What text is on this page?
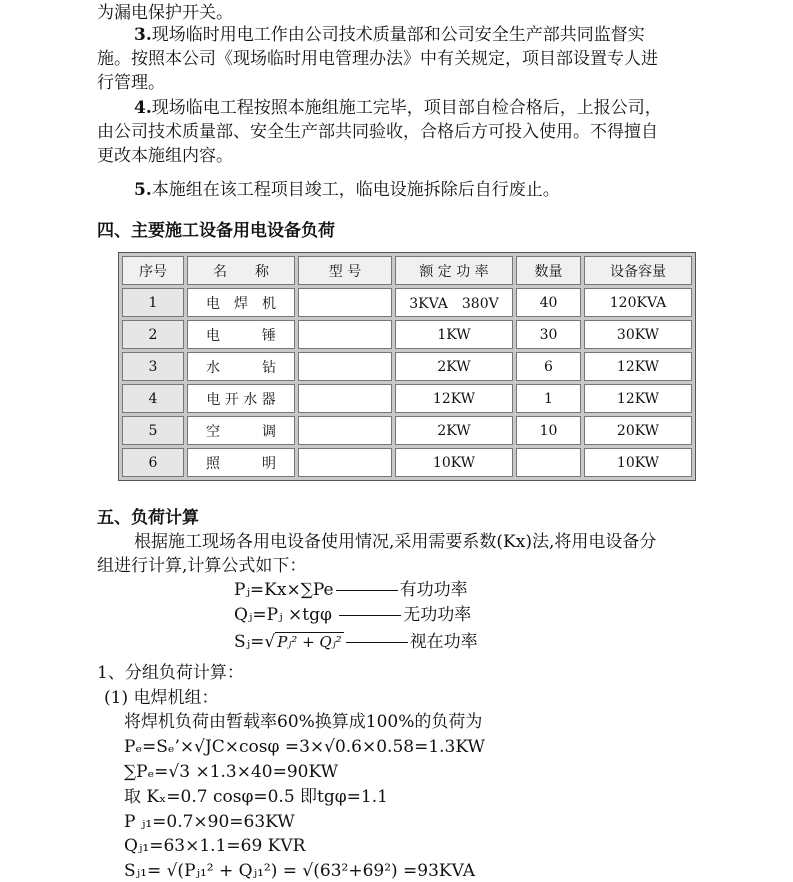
为漏电保护开关。
3.现场临时用电工作由公司技术质量部和公司安全生产部共同监督实
施。按照本公司《现场临时用电管理办法》中有关规定，项目部设置专人进
行管理。
4.现场临电工程按照本施组施工完毕，项目部自检合格后，上报公司，
由公司技术质量部、安全生产部共同验收，合格后方可投入使用。不得擅自
更改本施组内容。
5.本施组在该工程项目竣工，临电设施拆除后自行废止。
四、主要施工设备用电设备负荷
序号	名　　称	型 号	额 定 功 率	数量	设备容量
1	电　焊　机		3KVA　380V	40	120KVA
2	电　　　锤		1KW	30	30KW
3	水　　　钻		2KW	6	12KW
4	电 开 水 器		12KW	1	12KW
5	空　　　调		2KW	10	20KW
6	照　　　明		10KW		10KW
五、负荷计算
根据施工现场各用电设备使用情况,采用需要系数(Kx)法,将用电设备分
组进行计算,计算公式如下：
Pⱼ=Kx×∑Pe	有功功率
Qⱼ=Pⱼ ×tgφ	无功功率
Sⱼ=√ Pⱼ² + Qⱼ²	视在功率
1、分组负荷计算：
(1) 电焊机组：
将焊机负荷由暂载率60%换算成100%的负荷为
Pₑ=Sₑ’×√JC×cosφ =3×√0.6×0.58=1.3KW
∑Pₑ=√3 ×1.3×40=90KW
取 Kₓ=0.7 cosφ=0.5 即tgφ=1.1
P ⱼ₁=0.7×90=63KW
Qⱼ₁=63×1.1=69 KVR
Sⱼ₁= √(Pⱼ₁² + Qⱼ₁²) = √(63²+69²) =93KVA
